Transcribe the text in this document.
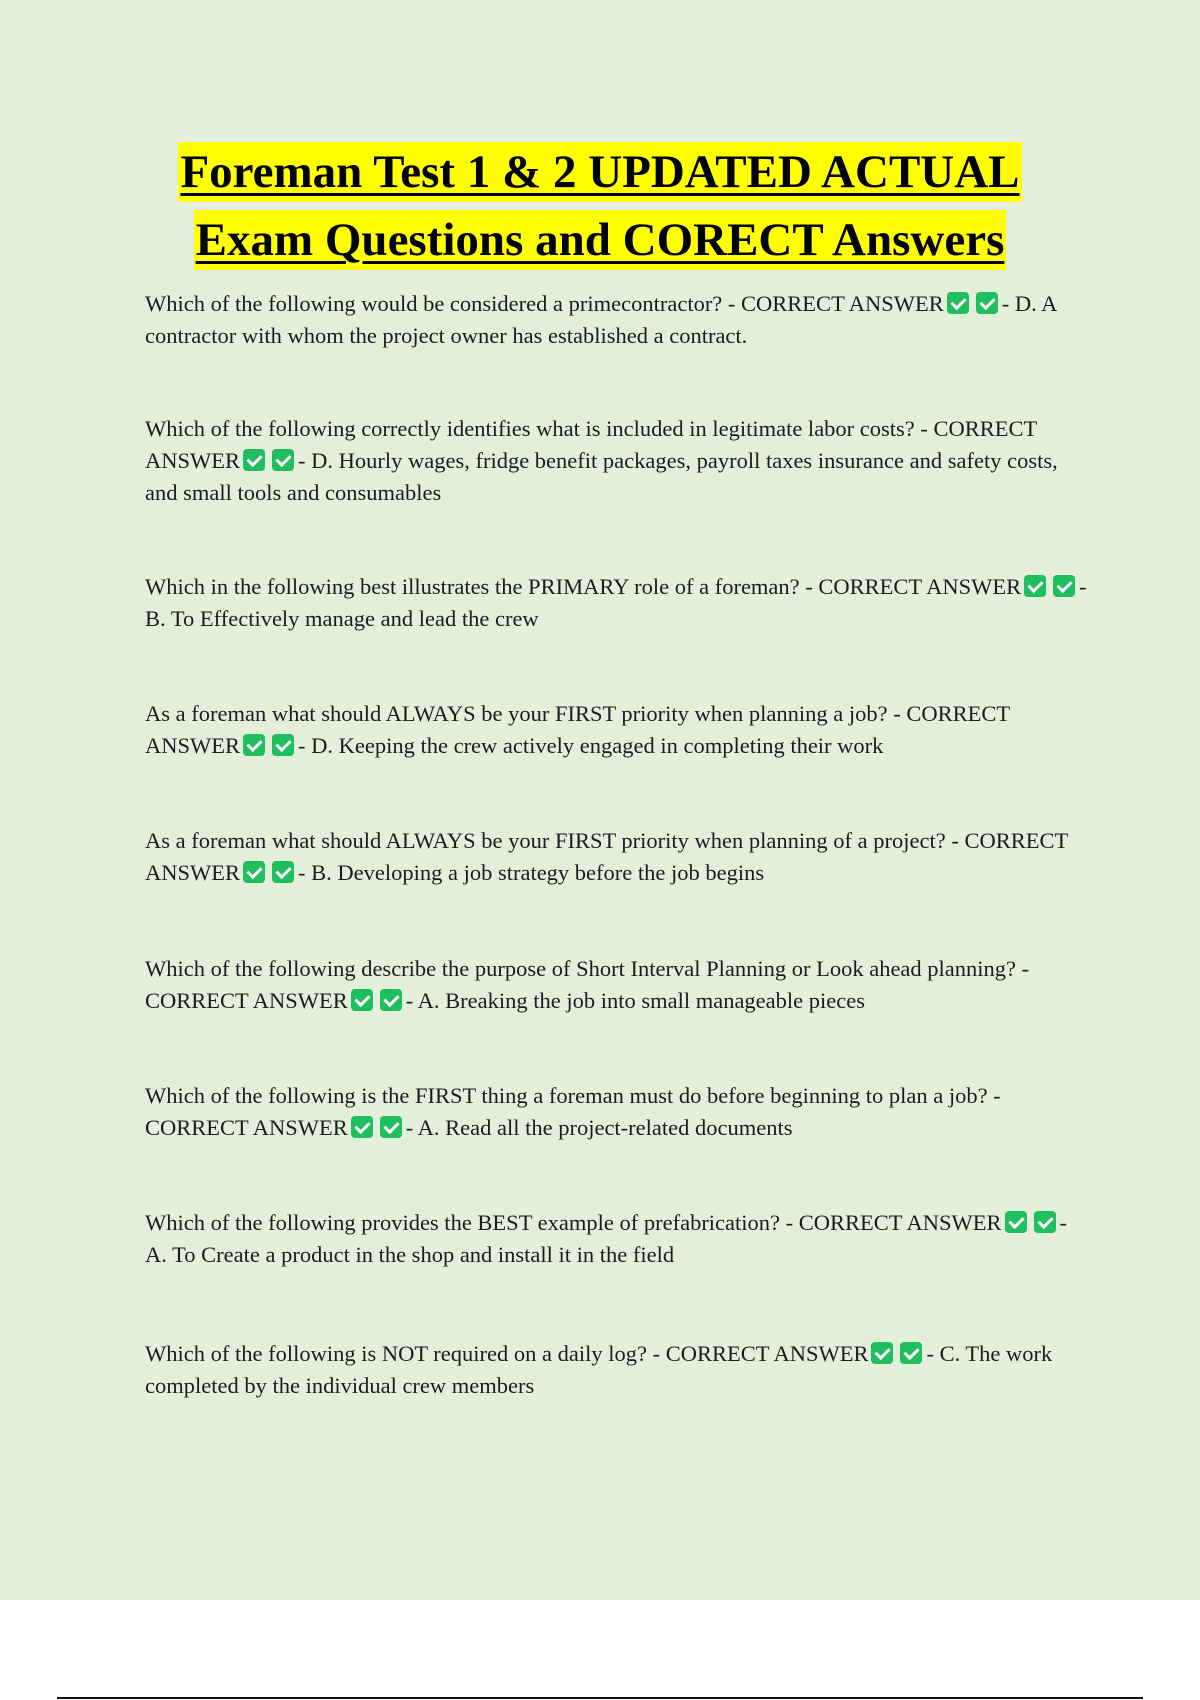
Foreman Test 1 & 2 UPDATED ACTUAL
Exam Questions and CORECT Answers

Which of the following would be considered a primecontractor? - CORRECT ANSWER	- D. A contractor with whom the project owner has established a contract.

Which of the following correctly identifies what is included in legitimate labor costs? - CORRECT ANSWER	- D. Hourly wages, fridge benefit packages, payroll taxes insurance and safety costs, and small tools and consumables

Which in the following best illustrates the PRIMARY role of a foreman? - CORRECT ANSWER	- B. To Effectively manage and lead the crew

As a foreman what should ALWAYS be your FIRST priority when planning a job? - CORRECT ANSWER	- D. Keeping the crew actively engaged in completing their work

As a foreman what should ALWAYS be your FIRST priority when planning of a project? - CORRECT ANSWER	- B. Developing a job strategy before the job begins

Which of the following describe the purpose of Short Interval Planning or Look ahead planning? - CORRECT ANSWER	- A. Breaking the job into small manageable pieces

Which of the following is the FIRST thing a foreman must do before beginning to plan a job? - CORRECT ANSWER	- A. Read all the project-related documents

Which of the following provides the BEST example of prefabrication? - CORRECT ANSWER	- A. To Create a product in the shop and install it in the field

Which of the following is NOT required on a daily log? - CORRECT ANSWER	- C. The work completed by the individual crew members
